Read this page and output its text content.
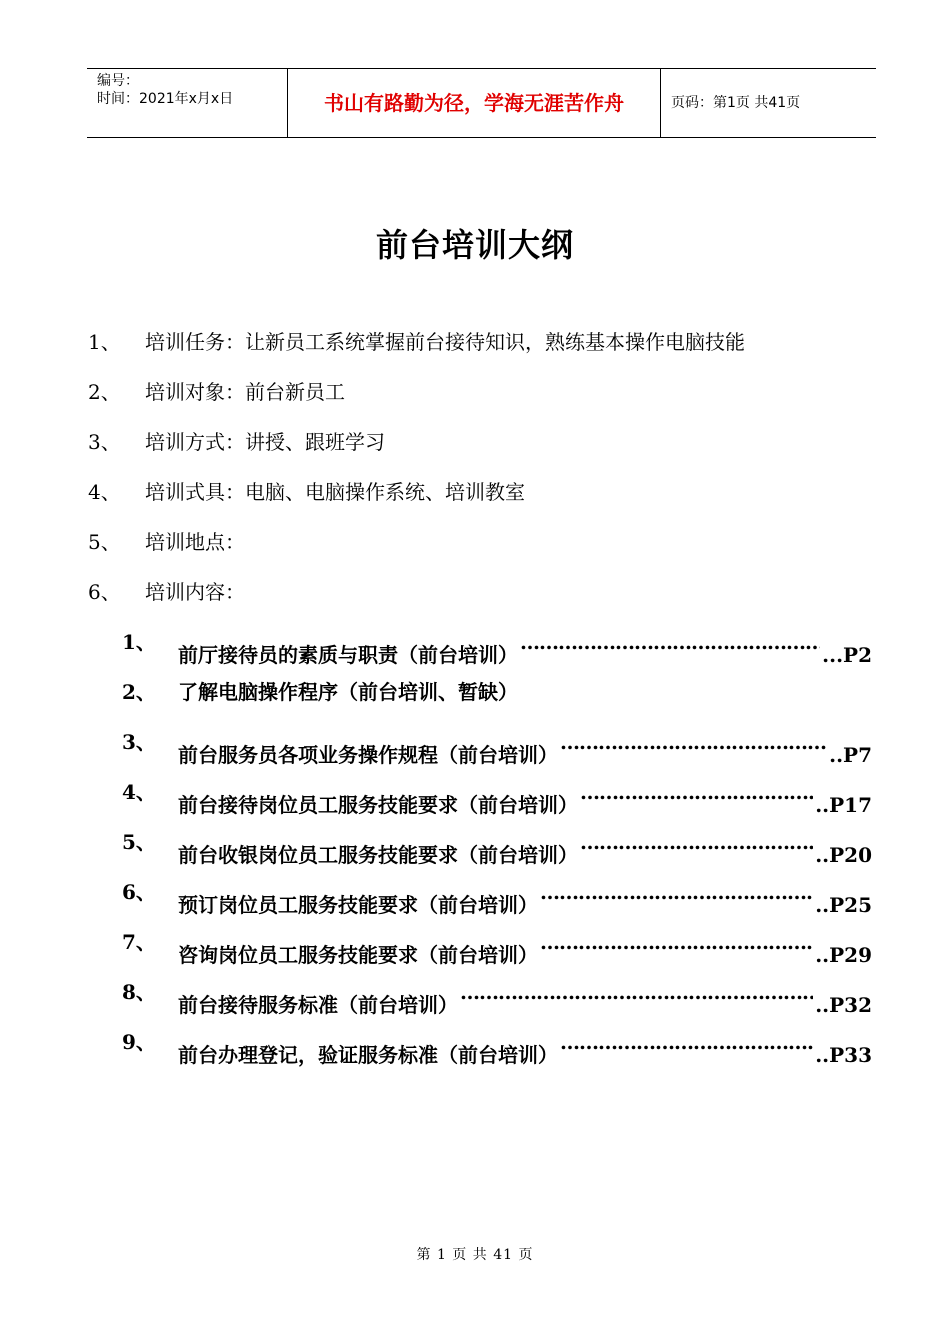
编号：
时间：2021年x月x日	书山有路勤为径，学海无涯苦作舟	页码：第1页 共41页
前台培训大纲
1、 培训任务：让新员工系统掌握前台接待知识，熟练基本操作电脑技能
2、 培训对象：前台新员工
3、 培训方式：讲授、跟班学习
4、 培训式具：电脑、电脑操作系统、培训教室
5、 培训地点：
6、 培训内容：
1、
前厅接待员的素质与职责（前台培训） …………………………………………………………………………………………………………………………	...P2
2、 了解电脑操作程序（前台培训、暂缺）
3、
前台服务员各项业务操作规程（前台培训） …………………………………………………………………………………………………………………………	..P7
4、
前台接待岗位员工服务技能要求（前台培训） …………………………………………………………………………………………………………………………	..P17
5、
前台收银岗位员工服务技能要求（前台培训） …………………………………………………………………………………………………………………………	..P20
6、
预订岗位员工服务技能要求（前台培训） …………………………………………………………………………………………………………………………	..P25
7、
咨询岗位员工服务技能要求（前台培训） …………………………………………………………………………………………………………………………	..P29
8、
前台接待服务标准（前台培训） …………………………………………………………………………………………………………………………	..P32
9、
前台办理登记，验证服务标准（前台培训） …………………………………………………………………………………………………………………………	..P33
第 1 页 共 41 页
